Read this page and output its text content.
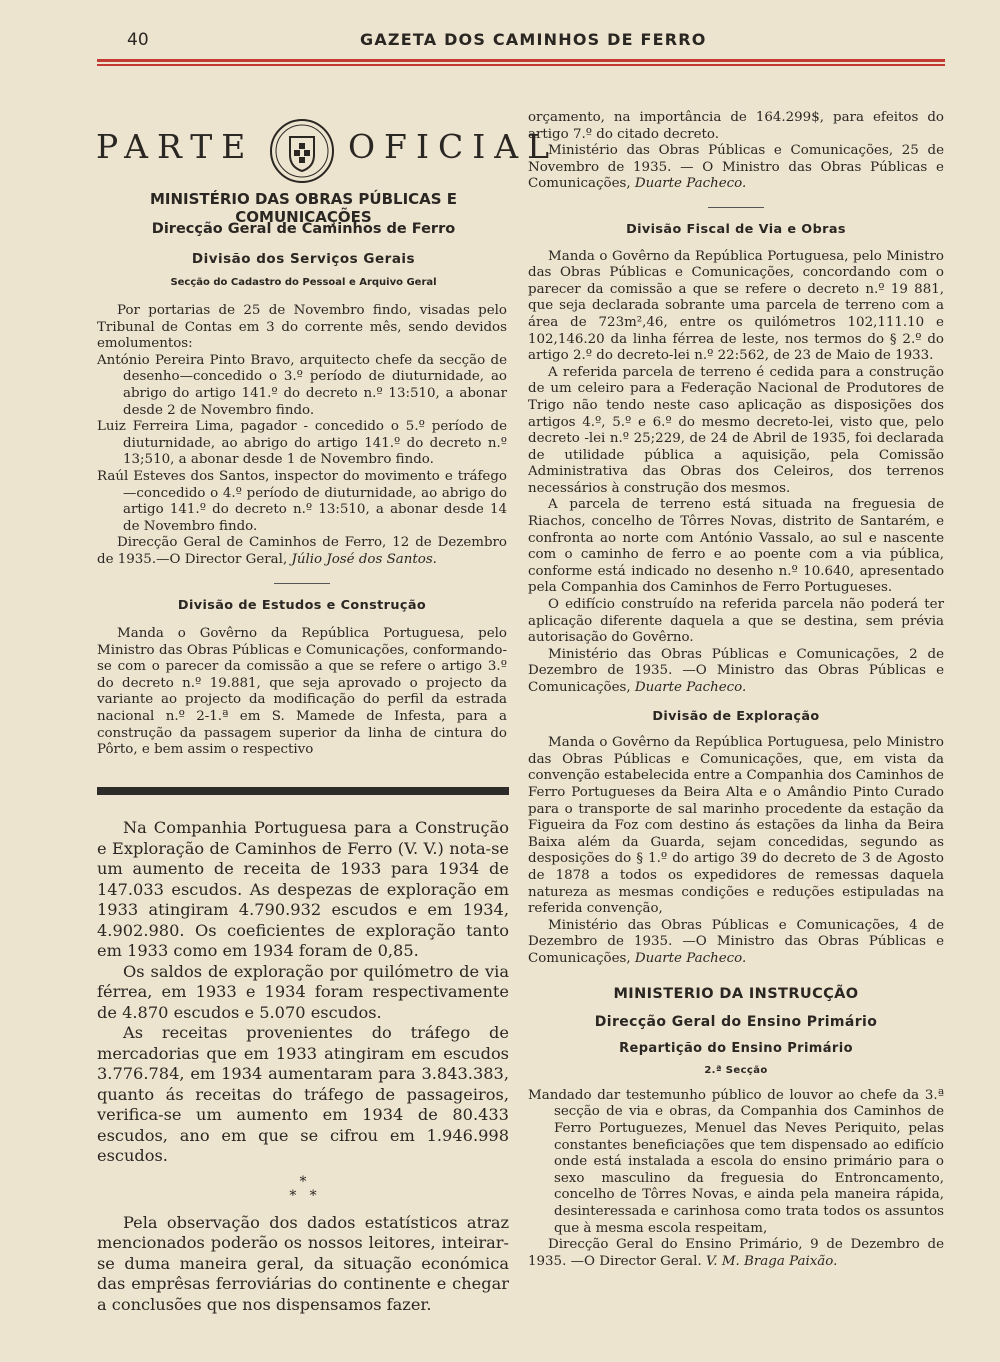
40	GAZETA DOS CAMINHOS DE FERRO
PARTE	OFICIAL
MINISTÉRIO DAS OBRAS PÚBLICAS E COMUNICAÇÕES
Direcção Geral de Caminhos de Ferro
Divisão dos Serviços Gerais
Secção do Cadastro do Pessoal e Arquivo Geral

Por portarias de 25 de Novembro findo, visadas pelo Tribunal de Contas em 3 do corrente mês, sendo devidos emolumentos:

António Pereira Pinto Bravo, arquitecto chefe da secção de desenho—concedido o 3.º período de diuturnidade, ao abrigo do artigo 141.º do decreto n.º 13:510, a abonar desde 2 de Novembro findo.

Luiz Ferreira Lima, pagador - concedido o 5.º período de diuturnidade, ao abrigo do artigo 141.º do decreto n.º 13;510, a abonar desde 1 de Novembro findo.

Raúl Esteves dos Santos, inspector do movimento e tráfego —concedido o 4.º período de diuturnidade, ao abrigo do artigo 141.º do decreto n.º 13:510, a abonar desde 14 de Novembro findo.

Direcção Geral de Caminhos de Ferro, 12 de Dezembro de 1935.—O Director Geral, Júlio José dos Santos.

Divisão de Estudos e Construção

Manda o Govêrno da República Portuguesa, pelo Ministro das Obras Públicas e Comunicações, conformando-se com o parecer da comissão a que se refere o artigo 3.º do decreto n.º 19.881, que seja aprovado o projecto da variante ao projecto da modificação do perfil da estrada nacional n.º 2-1.ª em S. Mamede de Infesta, para a construção da passagem superior da linha de cintura do Pôrto, e bem assim o respectivo

Na Companhia Portuguesa para a Construção e Exploração de Caminhos de Ferro (V. V.) nota-se um aumento de receita de 1933 para 1934 de 147.033 escudos. As despezas de exploração em 1933 atingiram 4.790.932 escudos e em 1934, 4.902.980. Os coeficientes de exploração tanto em 1933 como em 1934 foram de 0,85.

Os saldos de exploração por quilómetro de via férrea, em 1933 e 1934 foram respectivamente de 4.870 escudos e 5.070 escudos.

As receitas provenientes do tráfego de mercadorias que em 1933 atingiram em escudos 3.776.784, em 1934 aumentaram para 3.843.383, quanto ás receitas do tráfego de passageiros, verifica-se um aumento em 1934 de 80.433 escudos, ano em que se cifrou em 1.946.998 escudos.

*
*   *

Pela observação dos dados estatísticos atraz mencionados poderão os nossos leitores, inteirar-se duma maneira geral, da situação económica das emprêsas ferroviárias do continente e chegar a conclusões que nos dispensamos fazer.

orçamento, na importância de 164.299$, para efeitos do artigo 7.º do citado decreto.

Ministério das Obras Públicas e Comunicações, 25 de Novembro de 1935. — O Ministro das Obras Públicas e Comunicações, Duarte Pacheco.

Divisão Fiscal de Via e Obras

Manda o Govêrno da República Portuguesa, pelo Ministro das Obras Públicas e Comunicações, concordando com o parecer da comissão a que se refere o decreto n.º 19 881, que seja declarada sobrante uma parcela de terreno com a área de 723m²,46, entre os quilómetros 102,111.10 e 102,146.20 da linha férrea de leste, nos termos do § 2.º do artigo 2.º do decreto-lei n.º 22:562, de 23 de Maio de 1933.

A referida parcela de terreno é cedida para a construção de um celeiro para a Federação Nacional de Produtores de Trigo não tendo neste caso aplicação as disposições dos artigos 4.º, 5.º e 6.º do mesmo decreto-lei, visto que, pelo decreto -lei n.º 25;229, de 24 de Abril de 1935, foi declarada de utilidade pública a aquisição, pela Comissão Administrativa das Obras dos Celeiros, dos terrenos necessários à construção dos mesmos.

A parcela de terreno está situada na freguesia de Riachos, concelho de Tôrres Novas, distrito de Santarém, e confronta ao norte com António Vassalo, ao sul e nascente com o caminho de ferro e ao poente com a via pública, conforme está indicado no desenho n.º 10.640, apresentado pela Companhia dos Caminhos de Ferro Portugueses.

O edifício construído na referida parcela não poderá ter aplicação diferente daquela a que se destina, sem prévia autorisação do Govêrno.

Ministério das Obras Públicas e Comunicações, 2 de Dezembro de 1935. —O Ministro das Obras Públicas e Comunicações, Duarte Pacheco.

Divisão de Exploração

Manda o Govêrno da República Portuguesa, pelo Ministro das Obras Públicas e Comunicações, que, em vista da convenção estabelecida entre a Companhia dos Caminhos de Ferro Portugueses da Beira Alta e o Amândio Pinto Curado para o transporte de sal marinho procedente da estação da Figueira da Foz com destino ás estações da linha da Beira Baixa além da Guarda, sejam concedidas, segundo as desposições do § 1.º do artigo 39 do decreto de 3 de Agosto de 1878 a todos os expedidores de remessas daquela natureza as mesmas condições e reduções estipuladas na referida convenção,

Ministério das Obras Públicas e Comunicações, 4 de Dezembro de 1935. —O Ministro das Obras Públicas e Comunicações, Duarte Pacheco.

MINISTERIO DA INSTRUCÇÃO
Direcção Geral do Ensino Primário
Repartição do Ensino Primário
2.ª Secção

Mandado dar testemunho público de louvor ao chefe da 3.ª secção de via e obras, da Companhia dos Caminhos de Ferro Portuguezes, Menuel das Neves Periquito, pelas constantes beneficiações que tem dispensado ao edifício onde está instalada a escola do ensino primário para o sexo masculino da freguesia do Entroncamento, concelho de Tôrres Novas, e ainda pela maneira rápida, desinteressada e carinhosa como trata todos os assuntos que à mesma escola respeitam,

Direcção Geral do Ensino Primário, 9 de Dezembro de 1935. —O Director Geral. V. M. Braga Paixão.
